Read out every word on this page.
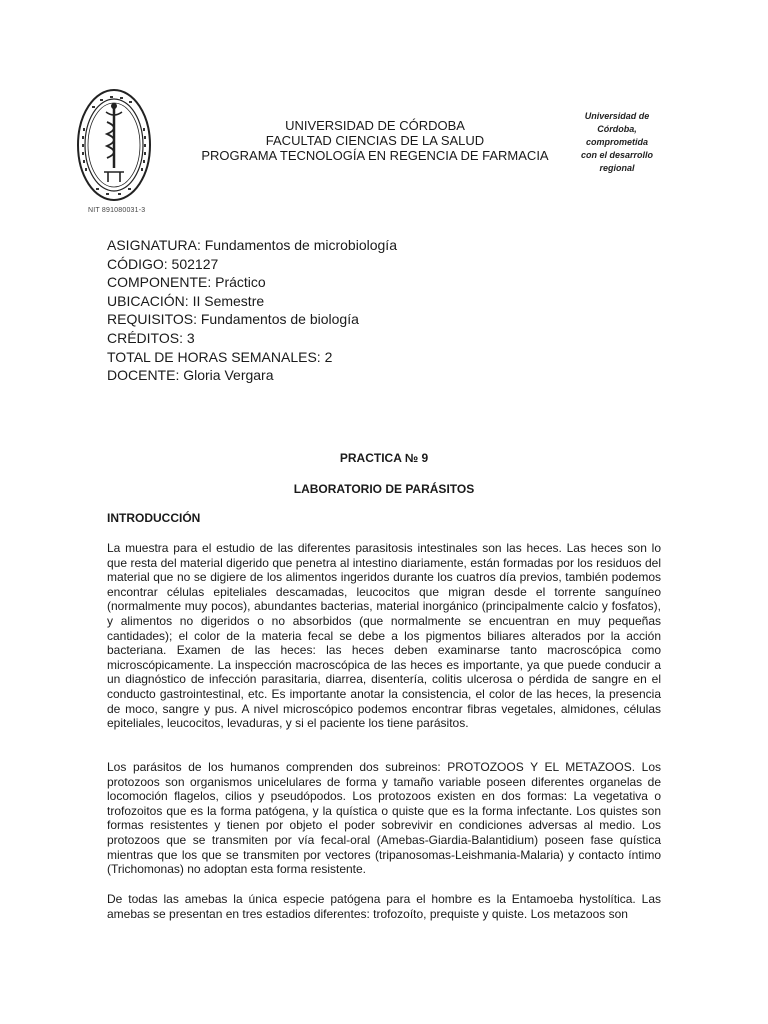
NIT 891080031-3
UNIVERSIDAD DE CÓRDOBA
FACULTAD CIENCIAS DE LA SALUD
PROGRAMA TECNOLOGÍA EN REGENCIA DE FARMACIA
Universidad de
Córdoba,
comprometida
con el desarrollo
regional
ASIGNATURA: Fundamentos de microbiología
CÓDIGO: 502127
COMPONENTE: Práctico
UBICACIÓN: II Semestre
REQUISITOS: Fundamentos de biología
CRÉDITOS: 3
TOTAL DE HORAS SEMANALES: 2
DOCENTE: Gloria Vergara
PRACTICA № 9
LABORATORIO DE PARÁSITOS
INTRODUCCIÓN
La muestra para el estudio de las diferentes parasitosis intestinales son las heces. Las heces son lo que resta del material digerido que penetra al intestino diariamente, están formadas por los residuos del material que no se digiere de los alimentos ingeridos durante los cuatros día previos, también podemos encontrar células epiteliales descamadas, leucocitos que migran desde el torrente sanguíneo (normalmente muy pocos), abundantes bacterias, material inorgánico (principalmente calcio y fosfatos), y alimentos no digeridos o no absorbidos (que normalmente se encuentran en muy pequeñas cantidades); el color de la materia fecal se debe a los pigmentos biliares alterados por la acción bacteriana. Examen de las heces: las heces deben examinarse tanto macroscópica como microscópicamente. La inspección macroscópica de las heces es importante, ya que puede conducir a un diagnóstico de infección parasitaria, diarrea, disentería, colitis ulcerosa o pérdida de sangre en el conducto gastrointestinal, etc. Es importante anotar la consistencia, el color de las heces, la presencia de moco, sangre y pus. A nivel microscópico podemos encontrar fibras vegetales, almidones, células epiteliales, leucocitos, levaduras, y si el paciente los tiene parásitos.
Los parásitos de los humanos comprenden dos subreinos: PROTOZOOS Y EL METAZOOS. Los protozoos son organismos unicelulares de forma y tamaño variable poseen diferentes organelas de locomoción flagelos, cilios y pseudópodos. Los protozoos existen en dos formas: La vegetativa o trofozoitos que es la forma patógena, y la quística o quiste que es la forma infectante. Los quistes son formas resistentes y tienen por objeto el poder sobrevivir en condiciones adversas al medio. Los protozoos que se transmiten por vía fecal-oral (Amebas-Giardia-Balantidium) poseen fase quística mientras que los que se transmiten por vectores (tripanosomas-Leishmania-Malaria) y contacto íntimo (Trichomonas) no adoptan esta forma resistente.
De todas las amebas la única especie patógena para el hombre es la Entamoeba hystolítica. Las amebas se presentan en tres estadios diferentes: trofozoíto, prequiste y quiste. Los metazoos son
